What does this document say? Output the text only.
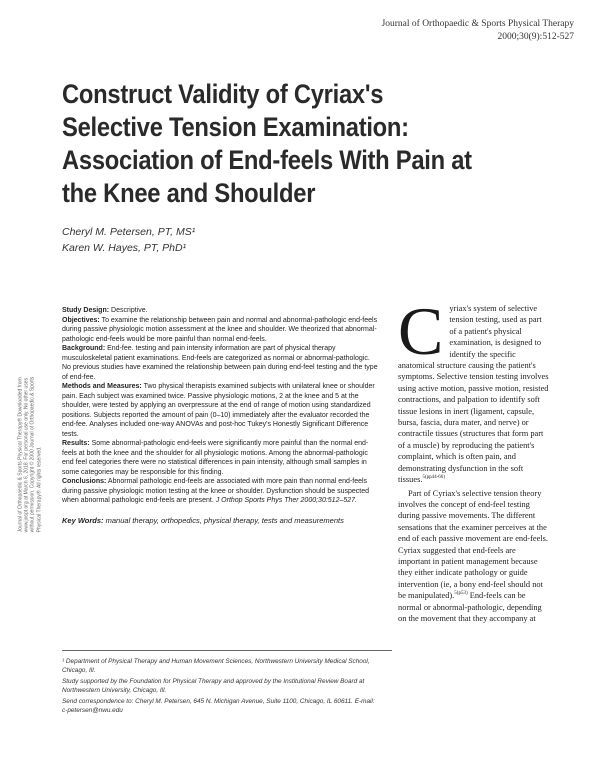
Journal of Orthopaedic & Sports Physical Therapy
2000;30(9):512-527
Construct Validity of Cyriax's Selective Tension Examination: Association of End-feels With Pain at the Knee and Shoulder
Cheryl M. Petersen, PT, MS¹
Karen W. Hayes, PT, PhD¹
Journal of Orthopaedic & Sports Physical Therapy® Downloaded from www.jospt.org at March 6, 2018. For personal use only. No other uses without permission. Copyright © 2000 Journal of Orthopaedic & Sports Physical Therapy®. All rights reserved.

Study Design: Descriptive.

Objectives: To examine the relationship between pain and normal and abnormal-pathologic end-feels during passive physiologic motion assessment at the knee and shoulder. We theorized that abnormal-pathologic end-feels would be more painful than normal end-feels.

Background: End-fee. testing and pain intensity information are part of physical therapy musculoskeletal patient examinations. End-feels are categorized as normal or abnormal-pathologic. No previous studies have examined the relationship between pain during end-feel testing and the type of end-fee.

Methods and Measures: Two physical therapists examined subjects with unilateral knee or shoulder pain. Each subject was examined twice. Passive physiologic motions, 2 at the knee and 5 at the shoulder, were tested by applying an overpressure at the end of range of motion using standardized positions. Subjects reported the amount of pain (0–10) immediately after the evaluator recorded the end-fee. Analyses included one-way ANOVAs and post-hoc Tukey's Honestly Significant Difference tests.

Results: Some abnormal-pathologic end-feels were significantly more painful than the normal end-feels at both the knee and the shoulder for all physiologic motions. Among the abnormal-pathologic end feel categories there were no statistical differences in pain intensity, although small samples in some categories may be responsible for this finding.

Conclusions: Abnormal pathologic end-feels are associated with more pain than normal end-feels during passive physiologic motion testing at the knee or shoulder. Dysfunction should be suspected when abnormal pathologic end-feels are present. J Orthop Sports Phys Ther 2000;30:512–527.

Key Words: manual therapy, orthopedics, physical therapy, tests and measurements

¹ Department of Physical Therapy and Human Movement Sciences, Northwestern University Medical School, Chicago, Ill.

Study supported by the Foundation for Physical Therapy and approved by the Institutional Review Board at Northwestern University, Chicago, Ill.

Send correspondence to: Cheryl M. Petersen, 645 N. Michigan Avenue, Suite 1100, Chicago, IL 60611. E-mail: c-petersen@nwu.edu

Cyriax's system of selective tension testing, used as part of a patient's physical examination, is designed to identify the specific anatomical structure causing the patient's symptoms. Selective tension testing involves using active motion, passive motion, resisted contractions, and palpation to identify soft tissue lesions in inert (ligament, capsule, bursa, fascia, dura mater, and nerve) or contractile tissues (structures that form part of a muscle) by reproducing the patient's complaint, which is often pain, and demonstrating dysfunction in the soft tissues.$^{5(pp44-66)}$

Part of Cyriax's selective tension theory involves the concept of end-feel testing during passive movements. The different sensations that the examiner perceives at the end of each passive movement are end-feels. Cyriax suggested that end-feels are important in patient management because they either indicate pathology or guide intervention (ie, a bony end-feel should not be manipulated).$^{5(p53)}$ End-feels can be normal or abnormal-pathologic, depending on the movement that they accompany at
